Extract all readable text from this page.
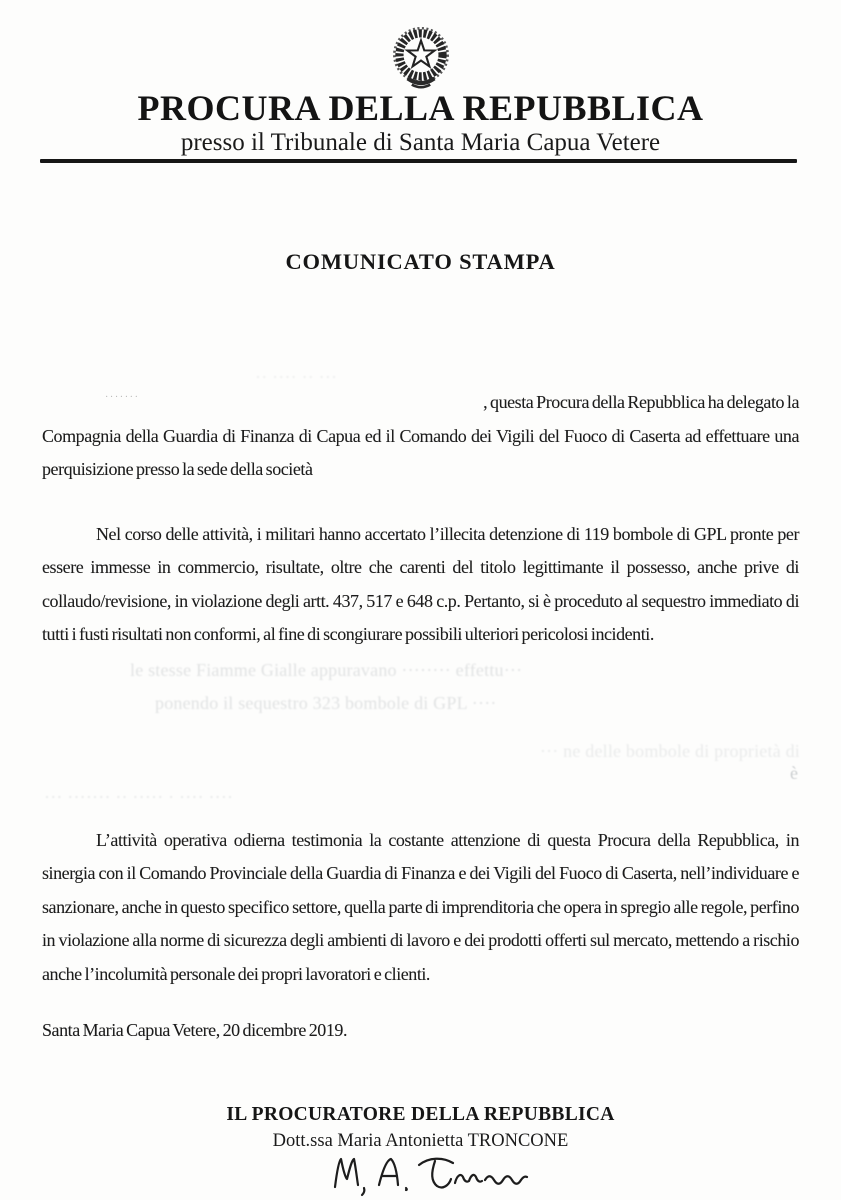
PROCURA DELLA REPUBBLICA
presso il Tribunale di Santa Maria Capua Vetere
COMUNICATO STAMPA
·······
·· ···· ·· ···
, questa Procura della Repubblica ha delegato la
Compagnia della Guardia di Finanza di Capua ed il Comando dei Vigili del Fuoco di Caserta ad effettuare una perquisizione presso la sede della società
Nel corso delle attività, i militari hanno accertato l’illecita detenzione di 119 bombole di GPL pronte per essere immesse in commercio, risultate, oltre che carenti del titolo legittimante il possesso, anche prive di collaudo/revisione, in violazione degli artt. 437, 517 e 648 c.p. Pertanto, si è proceduto al sequestro immediato di tutti i fusti risultati non conformi, al fine di scongiurare possibili ulteriori pericolosi incidenti.
le stesse Fiamme Gialle appuravano ········ effettu···
ponendo il sequestro 323 bombole di GPL ····
··· ne delle bombole di proprietà di
è
··· ······· ·· ····· · ···· ····
L’attività operativa odierna testimonia la costante attenzione di questa Procura della Repubblica, in sinergia con il Comando Provinciale della Guardia di Finanza e dei Vigili del Fuoco di Caserta, nell’individuare e sanzionare, anche in questo specifico settore, quella parte di imprenditoria che opera in spregio alle regole, perfino in violazione alla norme di sicurezza degli ambienti di lavoro e dei prodotti offerti sul mercato, mettendo a rischio anche l’incolumità personale dei propri lavoratori e clienti.
Santa Maria Capua Vetere, 20 dicembre 2019.
IL PROCURATORE DELLA REPUBBLICA
Dott.ssa Maria Antonietta TRONCONE
